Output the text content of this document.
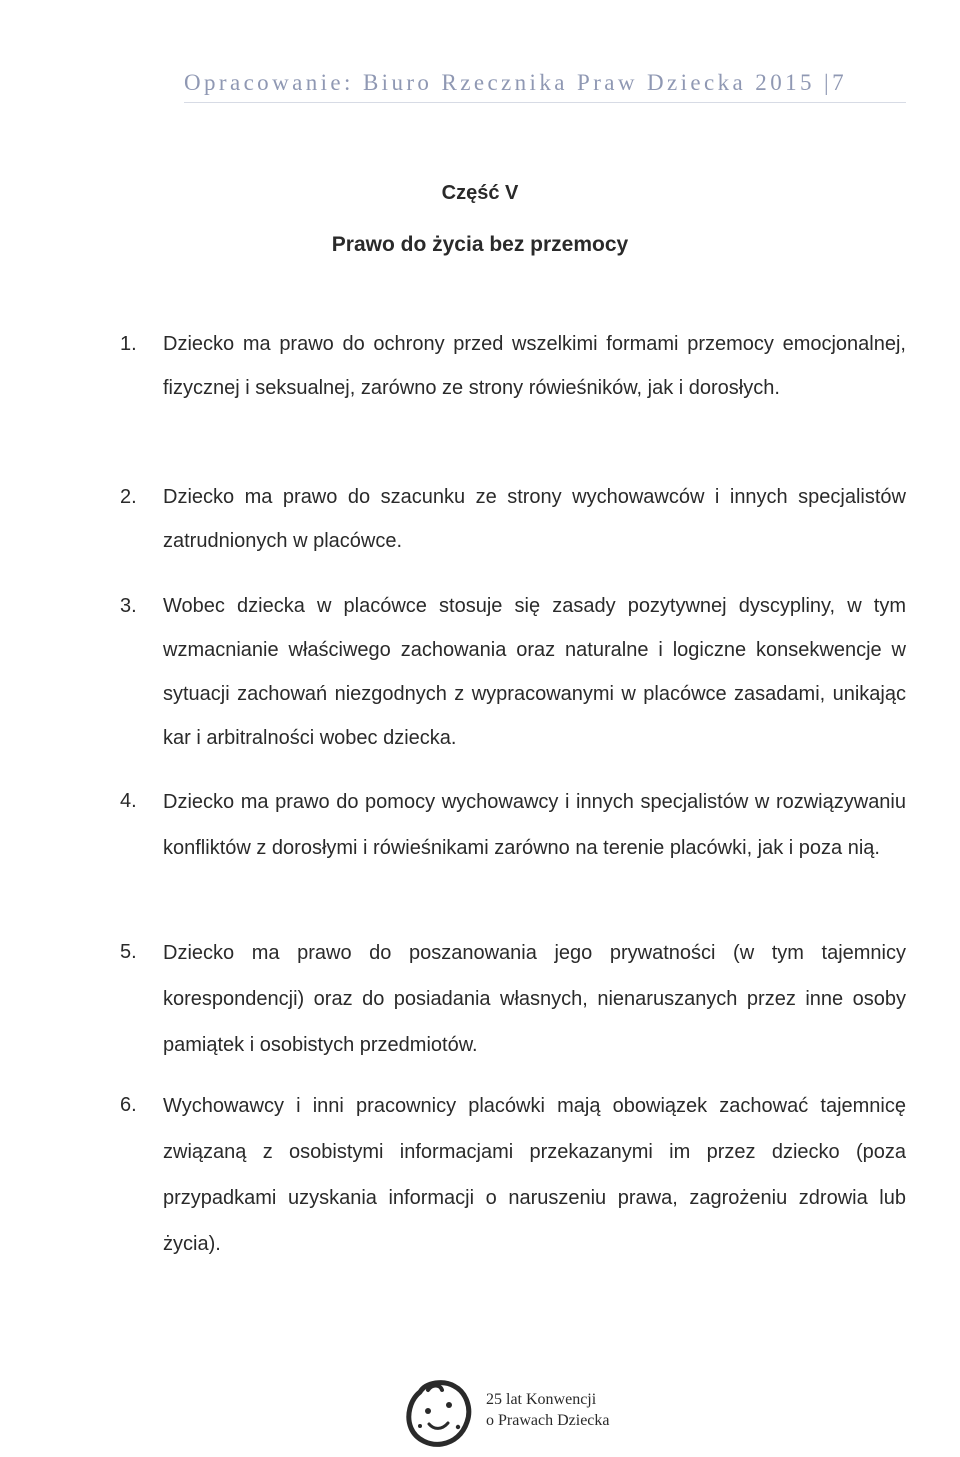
Opracowanie: Biuro Rzecznika Praw Dziecka 2015 |7
Część V
Prawo do życia bez przemocy
1.	Dziecko ma prawo do ochrony przed wszelkimi formami przemocy emocjonalnej, fizycznej i seksualnej, zarówno ze strony rówieśników, jak i dorosłych.
2.	Dziecko ma prawo do szacunku ze strony wychowawców i innych specjalistów zatrudnionych w placówce.
3.	Wobec dziecka w placówce stosuje się zasady pozytywnej dyscypliny, w tym wzmacnianie właściwego zachowania oraz naturalne i logiczne konsekwencje w sytuacji zachowań niezgodnych z wypracowanymi w placówce zasadami, unikając kar i arbitralności wobec dziecka.
4.	Dziecko ma prawo do pomocy wychowawcy i innych specjalistów w rozwiązywaniu konfliktów z dorosłymi i rówieśnikami zarówno na terenie placówki, jak i poza nią.
5.	Dziecko ma prawo do poszanowania jego prywatności (w tym tajemnicy korespondencji) oraz do posiadania własnych, nienaruszanych przez inne osoby pamiątek i osobistych przedmiotów.
6.	Wychowawcy i inni pracownicy placówki mają obowiązek zachować tajemnicę związaną z osobistymi informacjami przekazanymi im przez dziecko (poza przypadkami uzyskania informacji o naruszeniu prawa, zagrożeniu zdrowia lub życia).
25 lat Konwencji
o Prawach Dziecka
